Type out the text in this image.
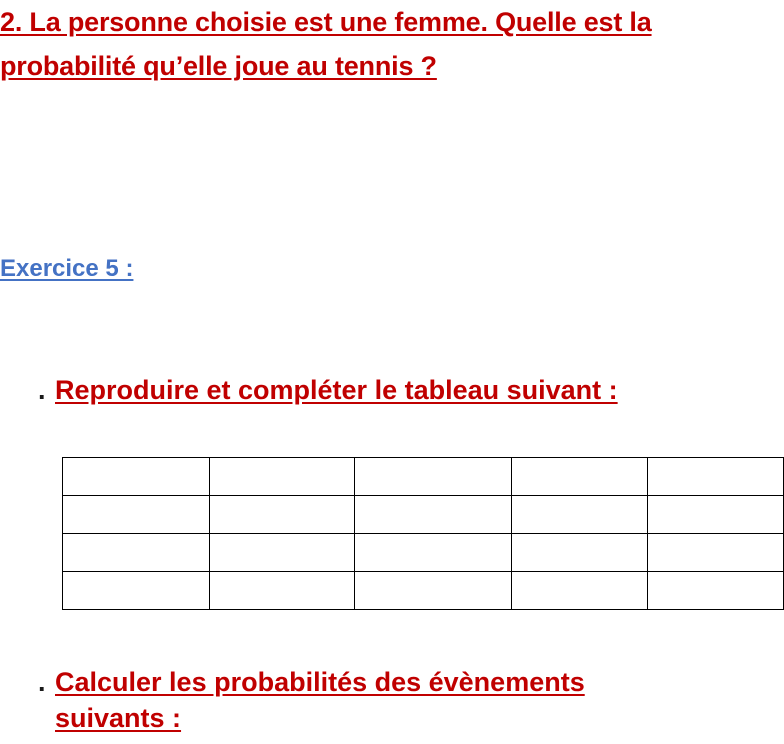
2. La personne choisie est une femme. Quelle est la
probabilité qu’elle joue au tennis ?
Exercice 5 :
. Reproduire et compléter le tableau suivant :

. Calculer les probabilités des évènements
suivants :
